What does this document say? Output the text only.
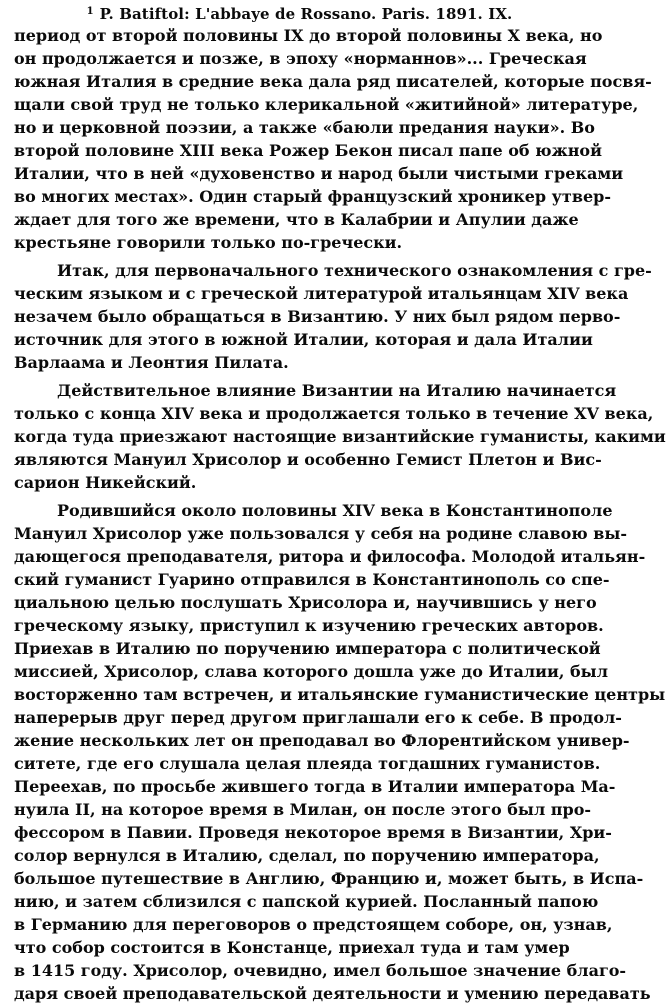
$^1$ P. Batiftol: L'abbaye de Rossano. Paris. 1891. IX.

период от второй половины IX до второй половины X века, но
он продолжается и позже, в эпоху «норманнов»... Греческая
южная Италия в средние века дала ряд писателей, которые посвя-
щали свой труд не только клерикальной «житийной» литературе,
но и церковной поэзии, а также «баюли предания науки». Во
второй половине XIII века Рожер Бекон писал папе об южной
Италии, что в ней «духовенство и народ были чистыми греками
во многих местах». Один старый французский хроникер утвер-
ждает для того же времени, что в Калабрии и Апулии даже
крестьяне говорили только по-гречески.

Итак, для первоначального технического ознакомления с гре-
ческим языком и с греческой литературой итальянцам XIV века
незачем было обращаться в Византию. У них был рядом перво-
источник для этого в южной Италии, которая и дала Италии
Варлаама и Леонтия Пилата.

Действительное влияние Византии на Италию начинается
только с конца XIV века и продолжается только в течение XV века,
когда туда приезжают настоящие византийские гуманисты, какими
являются Мануил Хрисолор и особенно Гемист Плетон и Вис-
сарион Никейский.

Родившийся около половины XIV века в Константинополе
Мануил Хрисолор уже пользовался у себя на родине славою вы-
дающегося преподавателя, ритора и философа. Молодой итальян-
ский гуманист Гуарино отправился в Константинополь со спе-
циальною целью послушать Хрисолора и, научившись у него
греческому языку, приступил к изучению греческих авторов.
Приехав в Италию по поручению императора с политической
миссией, Хрисолор, слава которого дошла уже до Италии, был
восторженно там встречен, и итальянские гуманистические центры
наперерыв друг перед другом приглашали его к себе. В продол-
жение нескольких лет он преподавал во Флорентийском универ-
ситете, где его слушала целая плеяда тогдашних гуманистов.
Переехав, по просьбе жившего тогда в Италии императора Ма-
нуила II, на которое время в Милан, он после этого был про-
фессором в Павии. Проведя некоторое время в Византии, Хри-
солор вернулся в Италию, сделал, по поручению императора,
большое путешествие в Англию, Францию и, может быть, в Испа-
нию, и затем сблизился с папской курией. Посланный папою
в Германию для переговоров о предстоящем соборе, он, узнав,
что собор состоится в Констанце, приехал туда и там умер
в 1415 году. Хрисолор, очевидно, имел большое значение благо-
даря своей преподавательской деятельности и умению передавать
